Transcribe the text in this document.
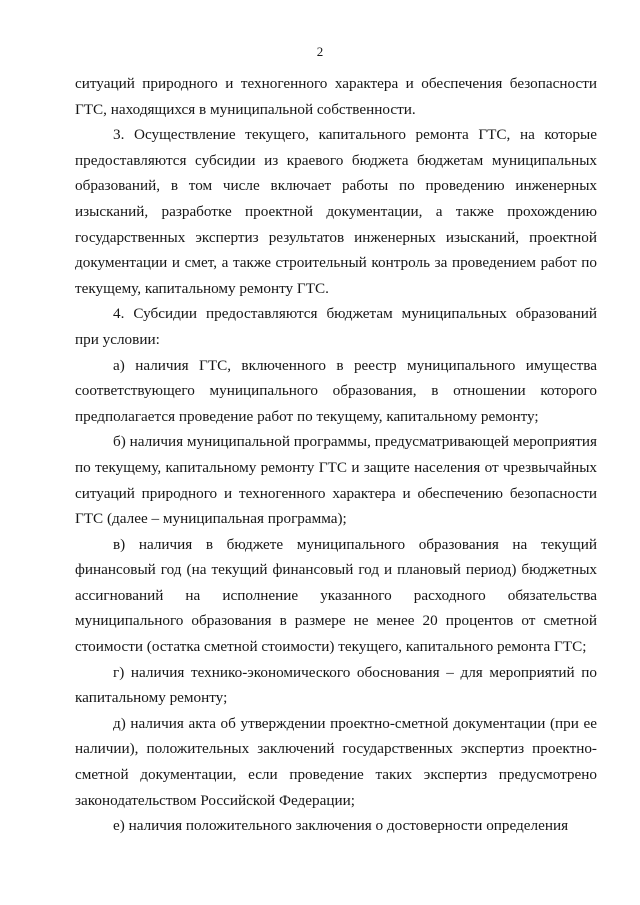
2

ситуаций природного и техногенного характера и обеспечения безопасности ГТС, находящихся в муниципальной собственности.

3. Осуществление текущего, капитального ремонта ГТС, на которые предоставляются субсидии из краевого бюджета бюджетам муниципальных образований, в том числе включает работы по проведению инженерных изысканий, разработке проектной документации, а также прохождению государственных экспертиз результатов инженерных изысканий, проектной документации и смет, а также строительный контроль за проведением работ по текущему, капитальному ремонту ГТС.

4. Субсидии предоставляются бюджетам муниципальных образований при условии:

а) наличия ГТС, включенного в реестр муниципального имущества соответствующего муниципального образования, в отношении которого предполагается проведение работ по текущему, капитальному ремонту;

б) наличия муниципальной программы, предусматривающей мероприятия по текущему, капитальному ремонту ГТС и защите населения от чрезвычайных ситуаций природного и техногенного характера и обеспечению безопасности ГТС (далее – муниципальная программа);

в) наличия в бюджете муниципального образования на текущий финансовый год (на текущий финансовый год и плановый период) бюджетных ассигнований на исполнение указанного расходного обязательства муниципального образования в размере не менее 20 процентов от сметной стоимости (остатка сметной стоимости) текущего, капитального ремонта ГТС;

г) наличия технико-экономического обоснования – для мероприятий по капитальному ремонту;

д) наличия акта об утверждении проектно-сметной документации (при ее наличии), положительных заключений государственных экспертиз проектно-сметной документации, если проведение таких экспертиз предусмотрено законодательством Российской Федерации;

е) наличия положительного заключения о достоверности определения
